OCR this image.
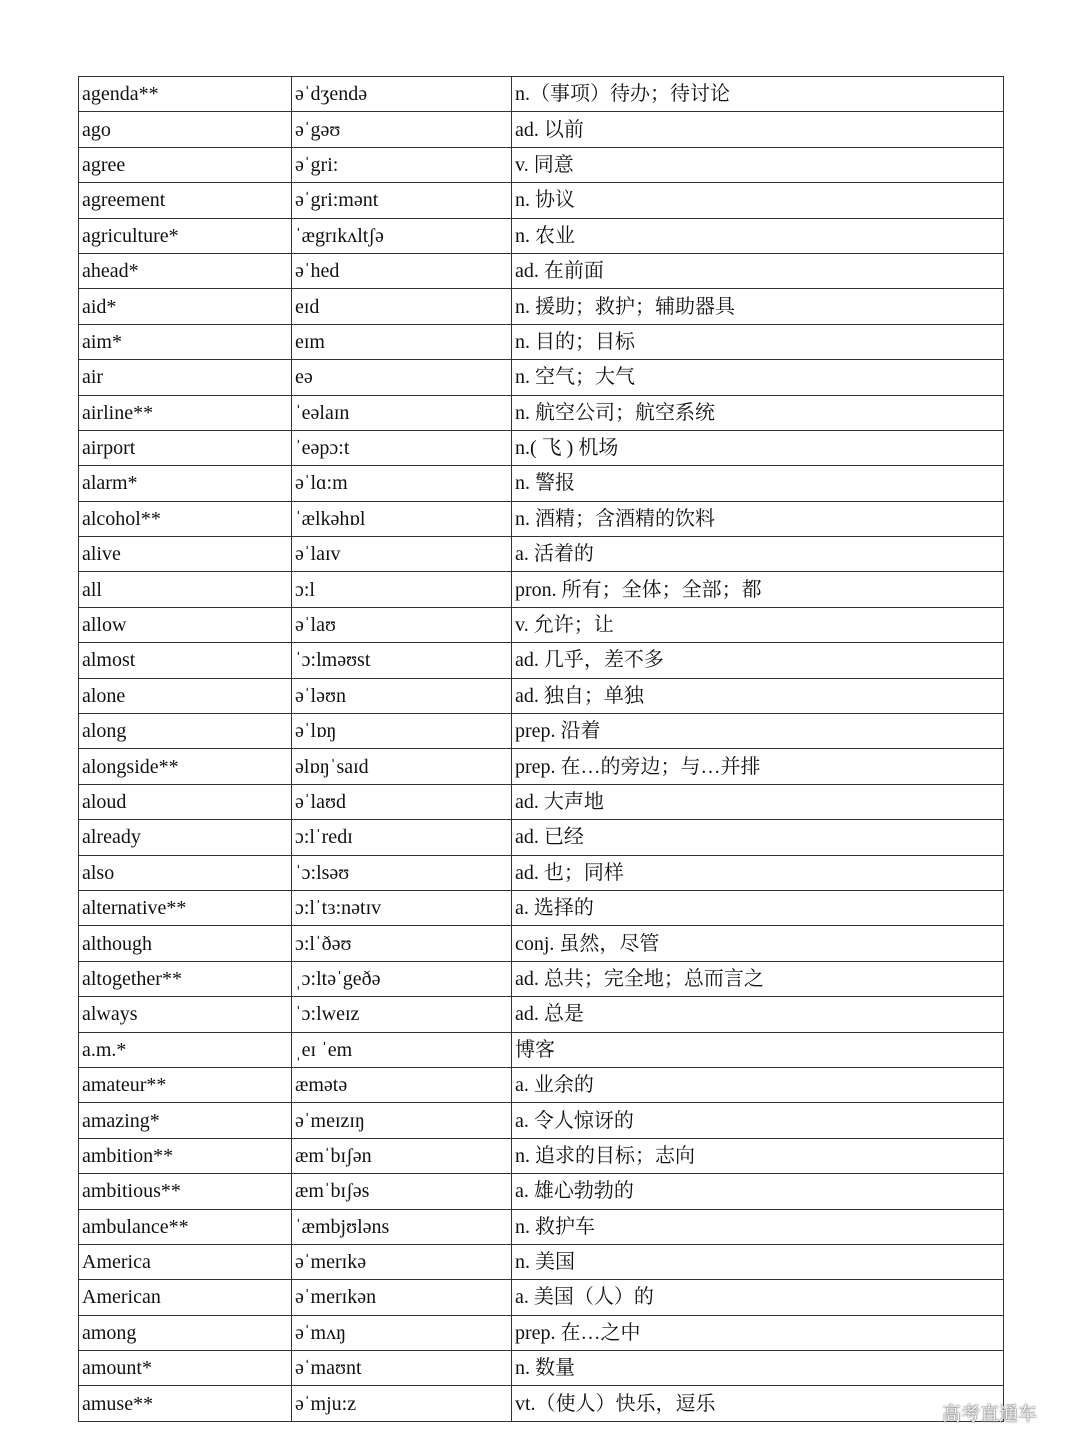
agenda**	əˈdʒendə	n.（事项）待办；待讨论
ago	əˈgəʊ	ad. 以前
agree	əˈgri:	v. 同意
agreement	əˈgri:mənt	n. 协议
agriculture*	ˈægrɪkʌltʃə	n. 农业
ahead*	əˈhed	ad. 在前面
aid*	eɪd	n. 援助；救护；辅助器具
aim*	eɪm	n. 目的；目标
air	eə	n. 空气；大气
airline**	ˈeəlaɪn	n. 航空公司；航空系统
airport	ˈeəpɔ:t	n.( 飞 ) 机场
alarm*	əˈlɑ:m	n. 警报
alcohol**	ˈælkəhɒl	n. 酒精；含酒精的饮料
alive	əˈlaɪv	a. 活着的
all	ɔ:l	pron. 所有；全体；全部；都
allow	əˈlaʊ	v. 允许；让
almost	ˈɔ:lməʊst	ad. 几乎，差不多
alone	əˈləʊn	ad. 独自；单独
along	əˈlɒŋ	prep. 沿着
alongside**	əlɒŋˈsaɪd	prep. 在…的旁边；与…并排
aloud	əˈlaʊd	ad. 大声地
already	ɔ:lˈredɪ	ad. 已经
also	ˈɔ:lsəʊ	ad. 也；同样
alternative**	ɔ:lˈtɜ:nətɪv	a. 选择的
although	ɔ:lˈðəʊ	conj. 虽然，尽管
altogether**	ˌɔ:ltəˈgeðə	ad. 总共；完全地；总而言之
always	ˈɔ:lweɪz	ad. 总是
a.m.*	ˌeɪ ˈem	博客
amateur**	æmətə	a. 业余的
amazing*	əˈmeɪzɪŋ	a. 令人惊讶的
ambition**	æmˈbɪʃən	n. 追求的目标；志向
ambitious**	æmˈbɪʃəs	a. 雄心勃勃的
ambulance**	ˈæmbjʊləns	n. 救护车
America	əˈmerɪkə	n. 美国
American	əˈmerɪkən	a. 美国（人）的
among	əˈmʌŋ	prep. 在…之中
amount*	əˈmaʊnt	n. 数量
amuse**	əˈmju:z	vt.（使人）快乐，逗乐	高考直通车
